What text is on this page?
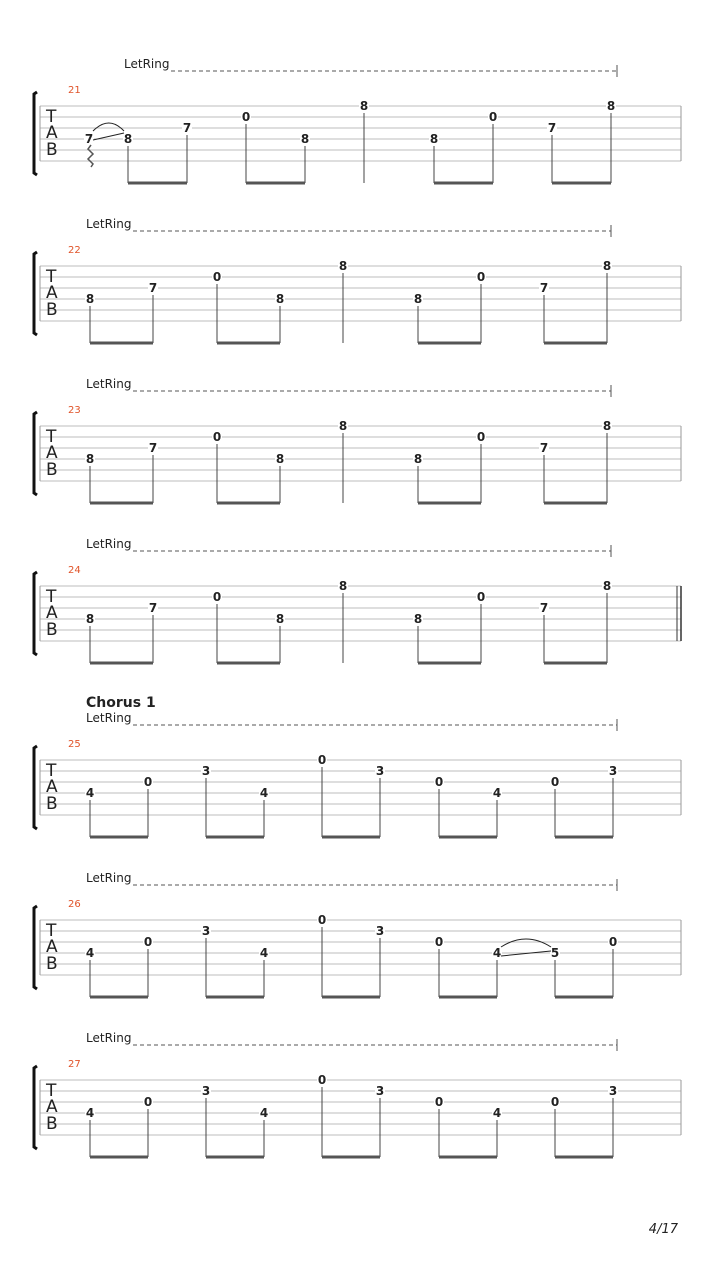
LetRing
21
T
A
B
7	8
7
0
8
8
8
0
7
8
LetRing
22
T
A
B
8
7
0
8
8
8
0
7
8
LetRing
23
T
A
B
8
7
0
8
8
8
0
7
8
LetRing
24
T
A
B
8
7
0
8
8
8
0
7
8
Chorus 1
LetRing
25
T
A
B
4
0
3
4
0
3
0
4
0
3
LetRing
26
T
A
B
4
0
3
4
0
3
0
4	5
0
LetRing
27
T
A
B
4
0
3
4
0
3
0
4
0
3
4/17
